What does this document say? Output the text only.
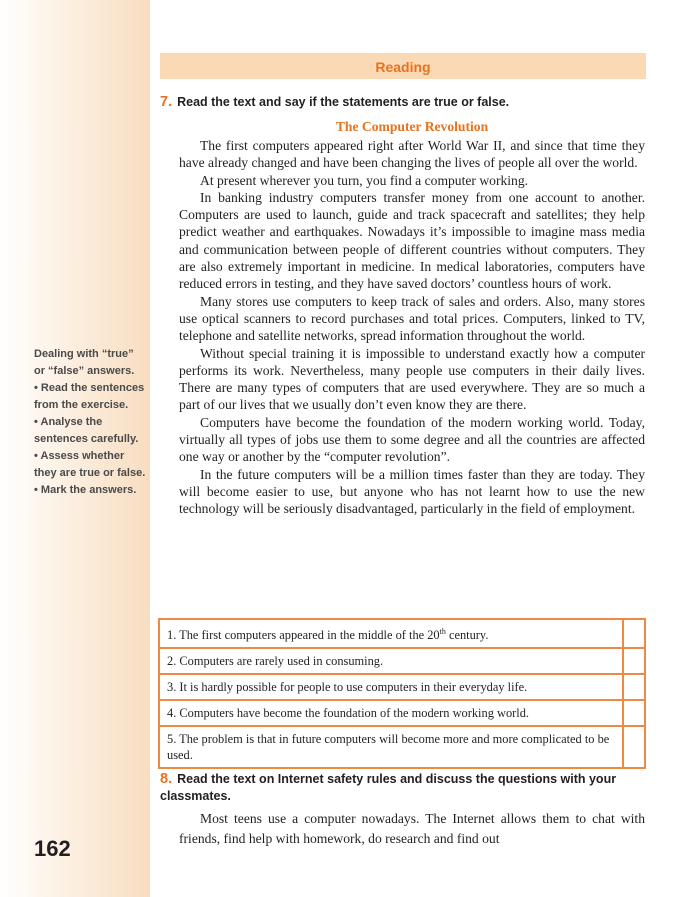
Dealing with “true” or “false” answers.

• Read the sentences from the exercise.

• Analyse the sentences carefully.

• Assess whether they are true or false.

• Mark the answers.

162
Reading
7. Read the text and say if the statements are true or false.
The Computer Revolution

The first computers appeared right after World War II, and since that time they have already changed and have been changing the lives of people all over the world.

At present wherever you turn, you find a computer working.

In banking industry computers transfer money from one account to another. Computers are used to launch, guide and track spacecraft and satellites; they help predict weather and earthquakes. Nowadays it’s impossible to imagine mass media and communication between people of different countries without computers. They are also extremely important in medicine. In medical laboratories, computers have reduced errors in testing, and they have saved doctors’ countless hours of work.

Many stores use computers to keep track of sales and orders. Also, many stores use optical scanners to record purchases and total prices. Computers, linked to TV, telephone and satellite networks, spread information throughout the world.

Without special training it is impossible to understand exactly how a computer performs its work. Nevertheless, many people use computers in their daily lives. There are many types of computers that are used everywhere. They are so much a part of our lives that we usually don’t even know they are there.

Computers have become the foundation of the modern working world. Today, virtually all types of jobs use them to some degree and all the countries are affected one way or another by the “computer revolution”.

In the future computers will be a million times faster than they are today. They will become easier to use, but anyone who has not learnt how to use the new technology will be seriously disadvantaged, particularly in the field of employment.

1. The first computers appeared in the middle of the 20th century.
2. Computers are rarely used in consuming.
3. It is hardly possible for people to use computers in their everyday life.
4. Computers have become the foundation of the modern working world.
5. The problem is that in future computers will become more and more complicated to be used.
8. Read the text on Internet safety rules and discuss the questions with your classmates.

Most teens use a computer nowadays. The Internet allows them to chat with friends, find help with homework, do research and find out
